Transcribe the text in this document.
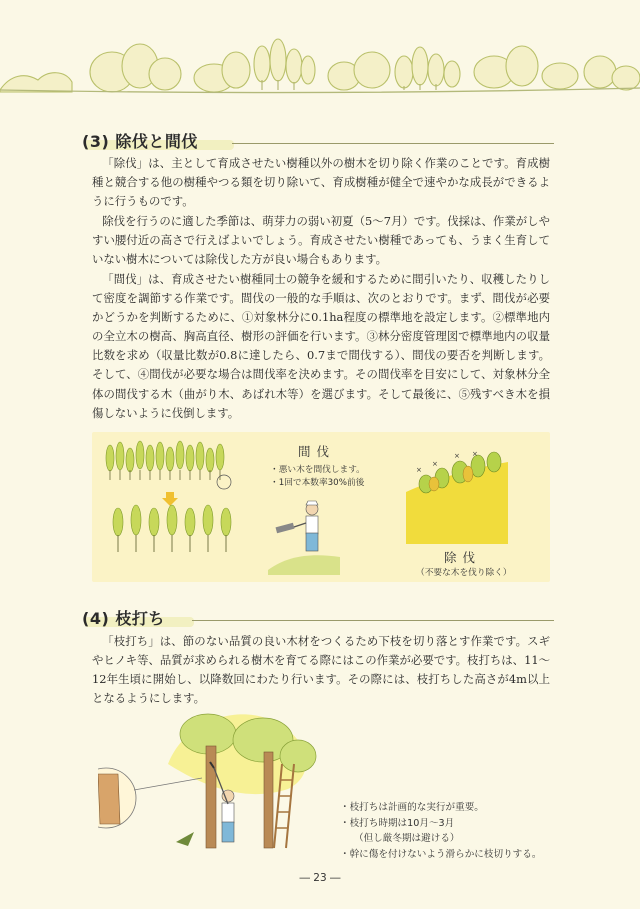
(3) 除伐と間伐

「除伐」は、主として育成させたい樹種以外の樹木を切り除く作業のことです。育成樹種と競合する他の樹種やつる類を切り除いて、育成樹種が健全で速やかな成長ができるように行うものです。

除伐を行うのに適した季節は、萌芽力の弱い初夏（5〜7月）です。伐採は、作業がしやすい腰付近の高さで行えばよいでしょう。育成させたい樹種であっても、うまく生育していない樹木については除伐した方が良い場合もあります。

「間伐」は、育成させたい樹種同士の競争を緩和するために間引いたり、収穫したりして密度を調節する作業です。間伐の一般的な手順は、次のとおりです。まず、間伐が必要かどうかを判断するために、①対象林分に0.1ha程度の標準地を設定します。②標準地内の全立木の樹高、胸高直径、樹形の評価を行います。③林分密度管理図で標準地内の収量比数を求め（収量比数が0.8に達したら、0.7まで間伐する）、間伐の要否を判断します。そして、④間伐が必要な場合は間伐率を決めます。その間伐率を目安にして、対象林分全体の間伐する木（曲がり木、あばれ木等）を選びます。そして最後に、⑤残すべき木を損傷しないように伐倒します。

間伐
・悪い木を間伐します。
・1回で本数率30%前後
×
×
× ×
除伐
（不要な木を伐り除く）
(4) 枝打ち

「枝打ち」は、節のない品質の良い木材をつくるため下枝を切り落とす作業です。スギやヒノキ等、品質が求められる樹木を育てる際にはこの作業が必要です。枝打ちは、11〜12年生頃に開始し、以降数回にわたり行います。その際には、枝打ちした高さが4m以上となるようにします。

・枝打ちは計画的な実行が重要。
・枝打ち時期は10月〜3月
（但し厳冬期は避ける）
・幹に傷を付けないよう滑らかに枝切りする。
― 23 ―
